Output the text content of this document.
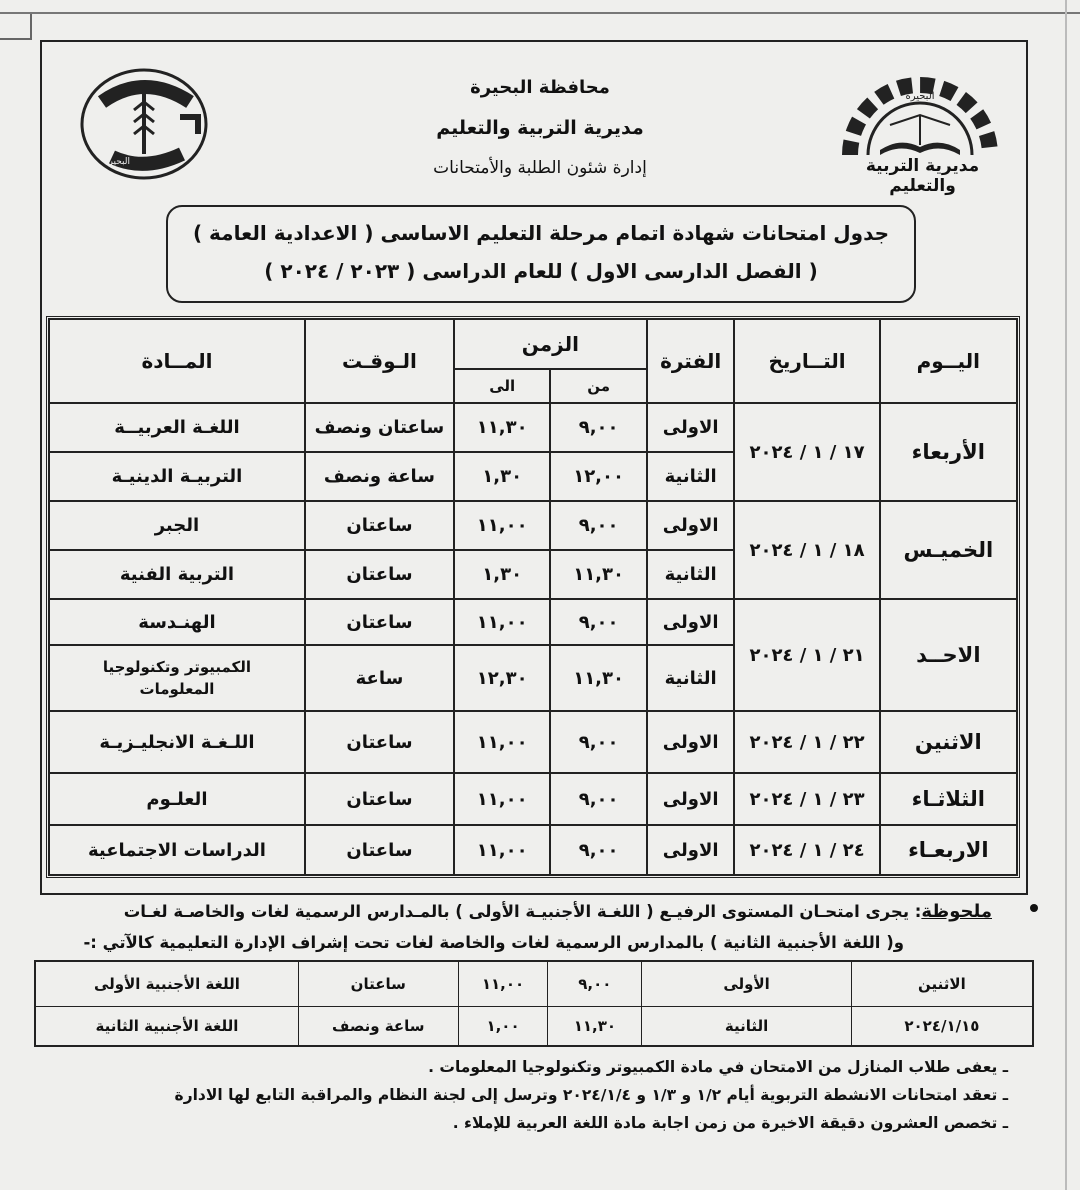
البحيرة
مديرية التربية والتعليم
محافظة البحيرة
مديرية التربية والتعليم
إدارة شئون الطلبة والأمتحانات
البحيرة
جدول امتحانات شهادة اتمام مرحلة التعليم الاساسى ( الاعدادية العامة )
( الفصل الدارسى الاول ) للعام الدراسى ( ٢٠٢٣ / ٢٠٢٤ )
اليــوم	التــاريخ	الفترة	الزمن		الـوقـت	المــادة
			من	الى		
الأربعاء	١٧ / ١ / ٢٠٢٤	الاولى	٩,٠٠	١١,٣٠	ساعتان ونصف	اللغـة العربيــة
		الثانية	١٢,٠٠	١,٣٠	ساعة ونصف	التربيـة الدينيـة
الخميـس	١٨ / ١ / ٢٠٢٤	الاولى	٩,٠٠	١١,٠٠	ساعتان	الجبر
		الثانية	١١,٣٠	١,٣٠	ساعتان	التربية الفنية
الاحــد	٢١ / ١ / ٢٠٢٤	الاولى	٩,٠٠	١١,٠٠	ساعتان	الهنـدسة
		الثانية	١١,٣٠	١٢,٣٠	ساعة	الكمبيوتر وتكنولوجيا
المعلومات

الاثنين	٢٢ / ١ / ٢٠٢٤	الاولى	٩,٠٠	١١,٠٠	ساعتان	اللـغـة الانجليـزيـة
الثلاثـاء	٢٣ / ١ / ٢٠٢٤	الاولى	٩,٠٠	١١,٠٠	ساعتان	العلـوم
الاربعـاء	٢٤ / ١ / ٢٠٢٤	الاولى	٩,٠٠	١١,٠٠	ساعتان	الدراسات الاجتماعية
ملحوظة: يجرى امتحـان المستوى الرفيـع ( اللغـة الأجنبيـة الأولى ) بالمـدارس الرسمية لغات والخاصـة لغـات
و( اللغة الأجنبية الثانية ) بالمدارس الرسمية لغات والخاصة لغات تحت إشراف الإدارة التعليمية كالآتي :-
الاثنين	الأولى	٩,٠٠	١١,٠٠	ساعتان	اللغة الأجنبية الأولى
٢٠٢٤/١/١٥	الثانية	١١,٣٠	١,٠٠	ساعة ونصف	اللغة الأجنبية الثانية
ـ يعفى طلاب المنازل من الامتحان في مادة الكمبيوتر وتكنولوجيا المعلومات .
ـ تعقد امتحانات الانشطة التربوية أيام ١/٢ و ١/٣ و ٢٠٢٤/١/٤ وترسل إلى لجنة النظام والمراقبة التابع لها الادارة
ـ تخصص العشرون دقيقة الاخيرة من زمن اجابة مادة اللغة العربية للإملاء .
